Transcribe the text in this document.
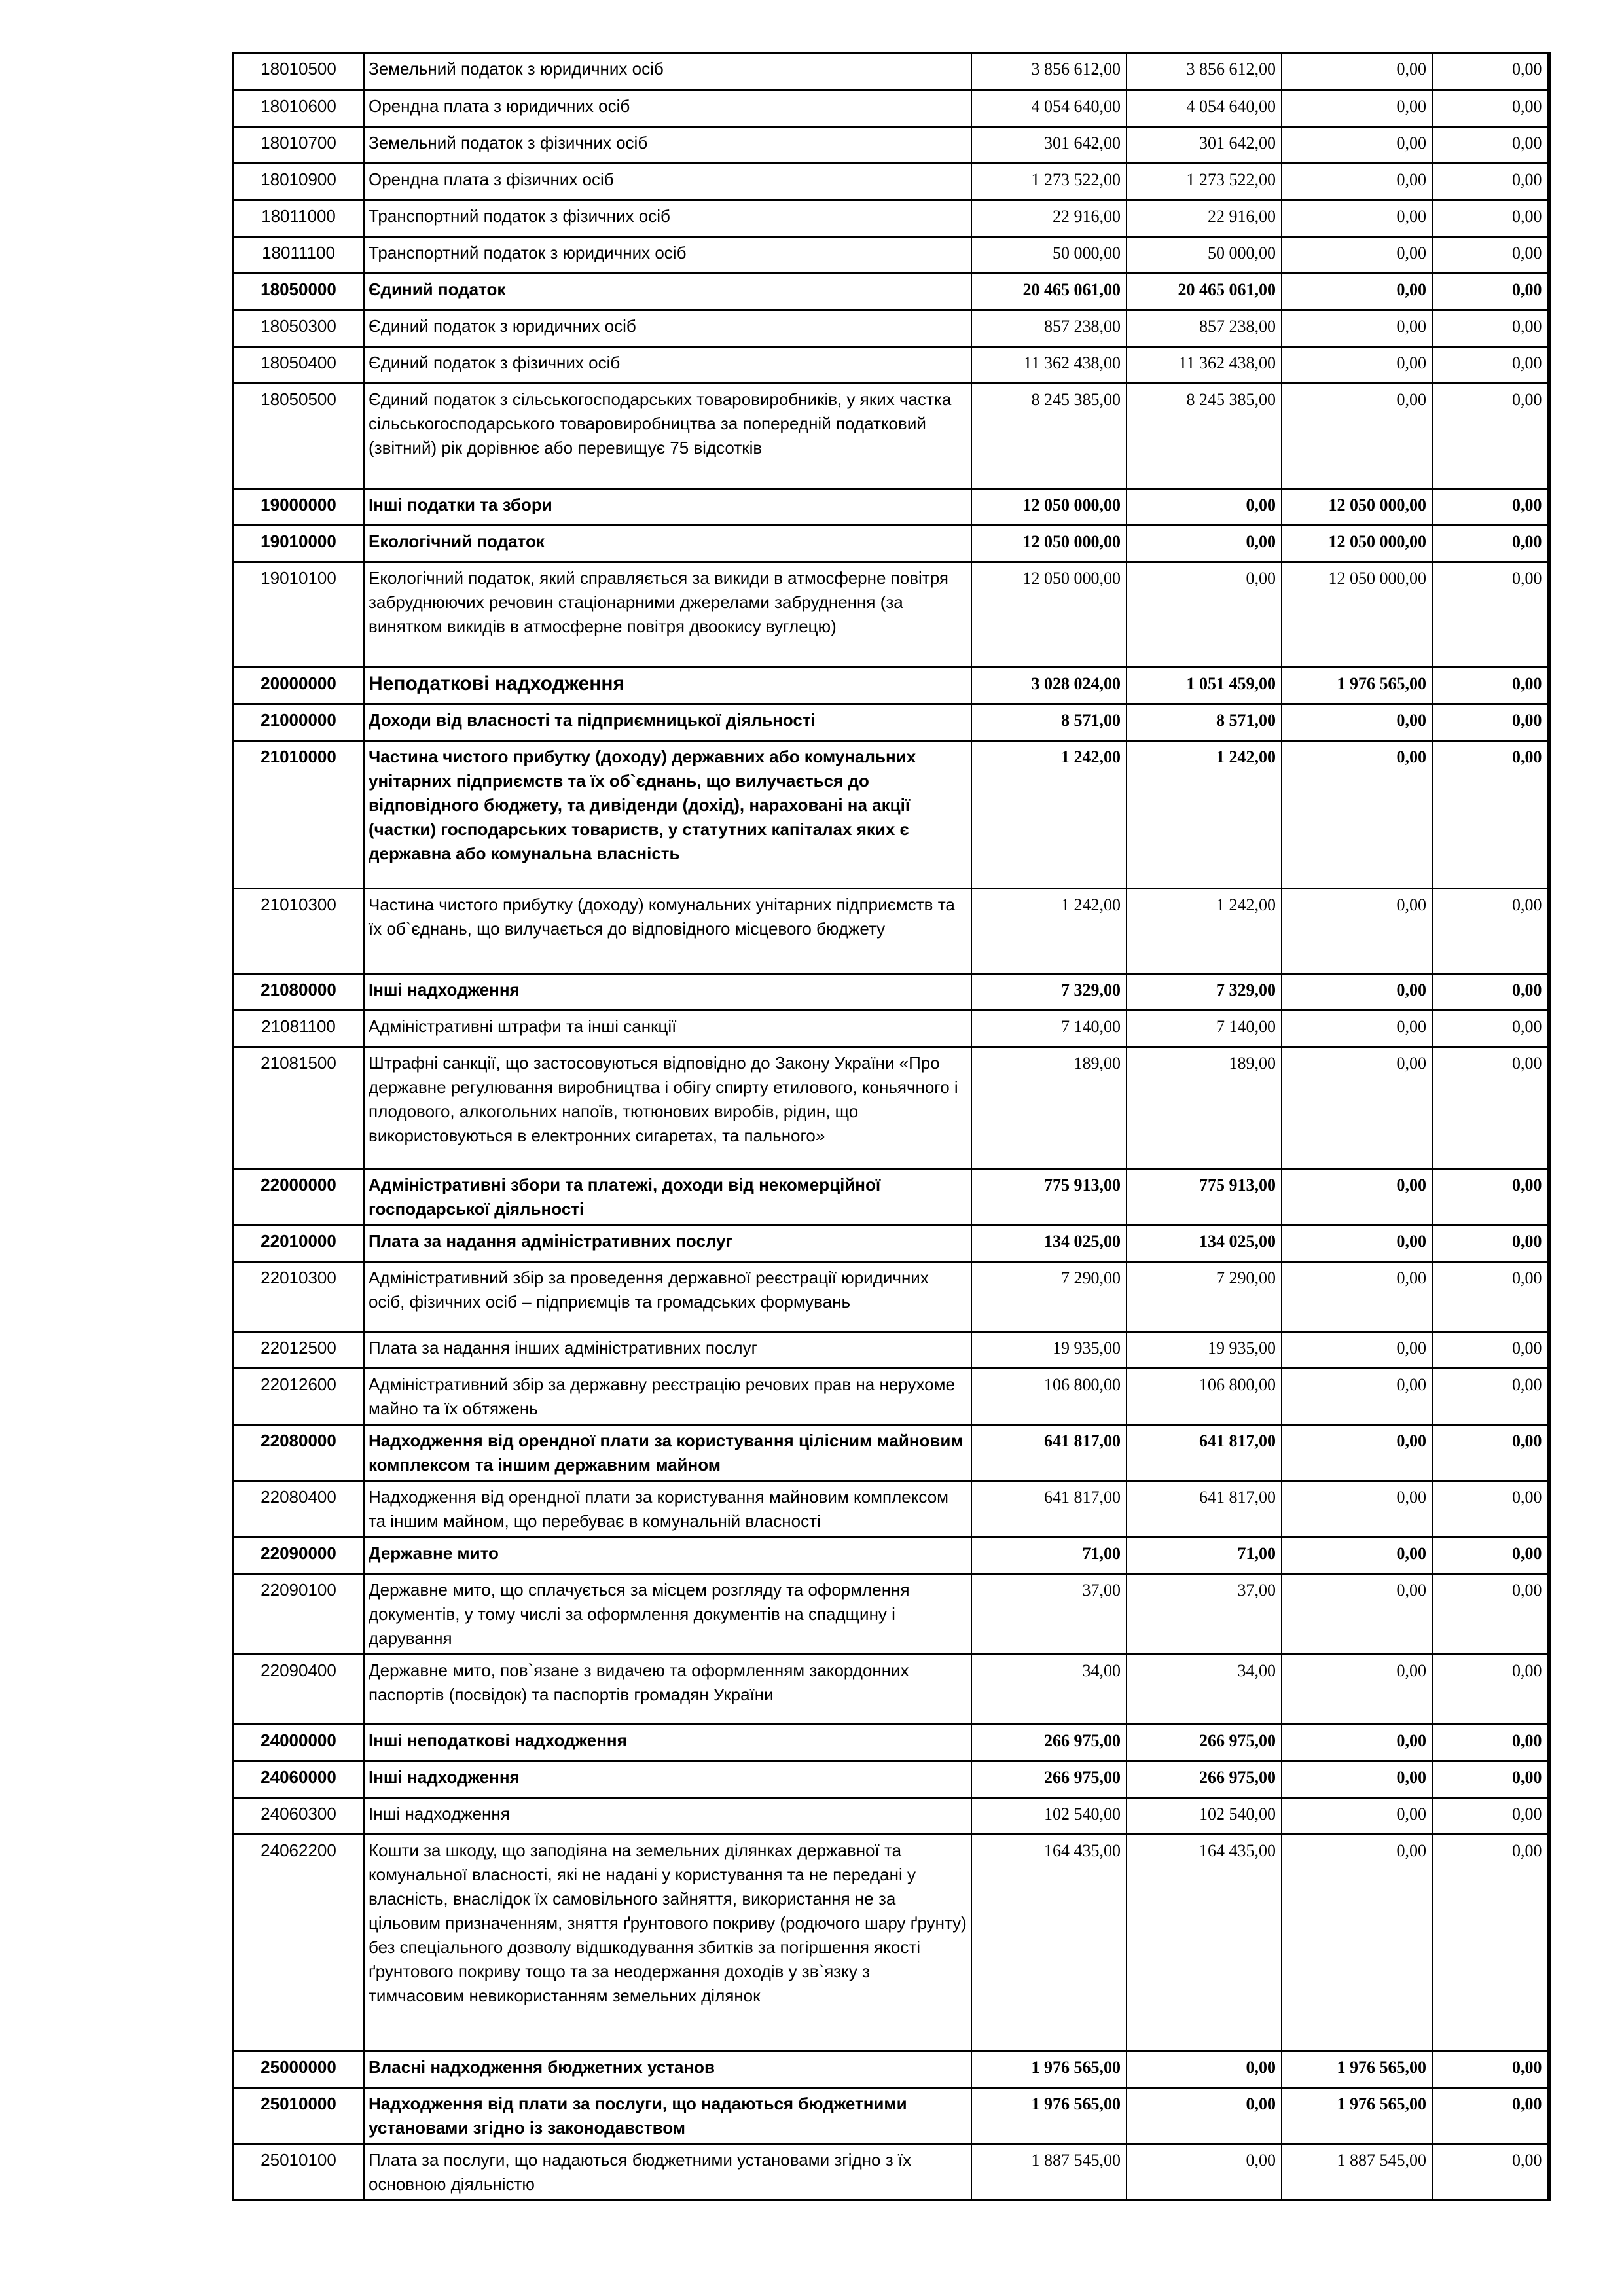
18010500	Земельний податок з юридичних осіб	3 856 612,00	3 856 612,00	0,00	0,00
18010600	Орендна плата з юридичних осіб	4 054 640,00	4 054 640,00	0,00	0,00
18010700	Земельний податок з фізичних осіб	301 642,00	301 642,00	0,00	0,00
18010900	Орендна плата з фізичних осіб	1 273 522,00	1 273 522,00	0,00	0,00
18011000	Транспортний податок з фізичних осіб	22 916,00	22 916,00	0,00	0,00
18011100	Транспортний податок з юридичних осіб	50 000,00	50 000,00	0,00	0,00
18050000	Єдиний податок	20 465 061,00	20 465 061,00	0,00	0,00
18050300	Єдиний податок з юридичних осіб	857 238,00	857 238,00	0,00	0,00
18050400	Єдиний податок з фізичних осіб	11 362 438,00	11 362 438,00	0,00	0,00
18050500	Єдиний податок з сільськогосподарських товаровиробників, у яких частка сільськогосподарського товаровиробництва за попередній податковий (звітний) рік дорівнює або перевищує 75 відсотків	8 245 385,00	8 245 385,00	0,00	0,00
19000000	Інші податки та збори	12 050 000,00	0,00	12 050 000,00	0,00
19010000	Екологічний податок	12 050 000,00	0,00	12 050 000,00	0,00
19010100	Екологічний податок, який справляється за викиди в атмосферне повітря забруднюючих речовин стаціонарними джерелами забруднення (за винятком викидів в атмосферне повітря двоокису вуглецю)	12 050 000,00	0,00	12 050 000,00	0,00
20000000	Неподаткові надходження	3 028 024,00	1 051 459,00	1 976 565,00	0,00
21000000	Доходи від власності та підприємницької діяльності	8 571,00	8 571,00	0,00	0,00
21010000	Частина чистого прибутку (доходу) державних або комунальних унітарних підприємств та їх об`єднань, що вилучається до відповідного бюджету, та дивіденди (дохід), нараховані на акції (частки) господарських товариств, у статутних капіталах яких є державна або комунальна власність	1 242,00	1 242,00	0,00	0,00
21010300	Частина чистого прибутку (доходу) комунальних унітарних підприємств та їх об`єднань, що вилучається до відповідного місцевого бюджету	1 242,00	1 242,00	0,00	0,00
21080000	Інші надходження	7 329,00	7 329,00	0,00	0,00
21081100	Адміністративні штрафи та інші санкції	7 140,00	7 140,00	0,00	0,00
21081500	Штрафні санкції, що застосовуються відповідно до Закону України «Про державне регулювання виробництва і обігу спирту етилового, коньячного і плодового, алкогольних напоїв, тютюнових виробів, рідин, що використовуються в електронних сигаретах, та пального»	189,00	189,00	0,00	0,00
22000000	Адміністративні збори та платежі, доходи від некомерційної господарської діяльності	775 913,00	775 913,00	0,00	0,00
22010000	Плата за надання адміністративних послуг	134 025,00	134 025,00	0,00	0,00
22010300	Адміністративний збір за проведення державної реєстрації юридичних осіб, фізичних осіб – підприємців та громадських формувань	7 290,00	7 290,00	0,00	0,00
22012500	Плата за надання інших адміністративних послуг	19 935,00	19 935,00	0,00	0,00
22012600	Адміністративний збір за державну реєстрацію речових прав на нерухоме майно та їх обтяжень	106 800,00	106 800,00	0,00	0,00
22080000	Надходження від орендної плати за користування цілісним майновим комплексом та іншим державним майном	641 817,00	641 817,00	0,00	0,00
22080400	Надходження від орендної плати за користування майновим комплексом та іншим майном, що перебуває в комунальній власності	641 817,00	641 817,00	0,00	0,00
22090000	Державне мито	71,00	71,00	0,00	0,00
22090100	Державне мито, що сплачується за місцем розгляду та оформлення документів, у тому числі за оформлення документів на спадщину і дарування	37,00	37,00	0,00	0,00
22090400	Державне мито, пов`язане з видачею та оформленням закордонних паспортів (посвідок) та паспортів громадян України	34,00	34,00	0,00	0,00
24000000	Інші неподаткові надходження	266 975,00	266 975,00	0,00	0,00
24060000	Інші надходження	266 975,00	266 975,00	0,00	0,00
24060300	Інші надходження	102 540,00	102 540,00	0,00	0,00
24062200	Кошти за шкоду, що заподіяна на земельних ділянках державної та комунальної власності, які не надані у користування та не передані у власність, внаслідок їх самовільного зайняття, використання не за цільовим призначенням, зняття ґрунтового покриву (родючого шару ґрунту) без спеціального дозволу відшкодування збитків за погіршення якості ґрунтового покриву тощо та за неодержання доходів у зв`язку з тимчасовим невикористанням земельних ділянок	164 435,00	164 435,00	0,00	0,00
25000000	Власні надходження бюджетних установ	1 976 565,00	0,00	1 976 565,00	0,00
25010000	Надходження від плати за послуги, що надаються бюджетними установами згідно із законодавством	1 976 565,00	0,00	1 976 565,00	0,00
25010100	Плата за послуги, що надаються бюджетними установами згідно з їх основною діяльністю	1 887 545,00	0,00	1 887 545,00	0,00
